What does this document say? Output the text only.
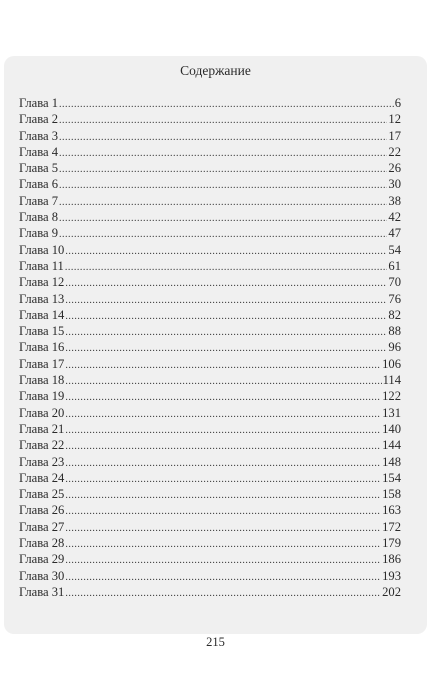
Содержание
Глава 1 .....	6
Глава 2 .....	12
Глава 3 .....	17
Глава 4 .....	22
Глава 5 .....	26
Глава 6 .....	30
Глава 7 .....	38
Глава 8 .....	42
Глава 9 .....	47
Глава 10 .....	54
Глава 11 .....	61
Глава 12 .....	70
Глава 13 .....	76
Глава 14 .....	82
Глава 15 .....	88
Глава 16 .....	96
Глава 17 .....	106
Глава 18 .....	114
Глава 19 .....	122
Глава 20 .....	131
Глава 21 .....	140
Глава 22 .....	144
Глава 23 .....	148
Глава 24 .....	154
Глава 25 .....	158
Глава 26 .....	163
Глава 27 .....	172
Глава 28 .....	179
Глава 29 .....	186
Глава 30 .....	193
Глава 31 .....	202
215
